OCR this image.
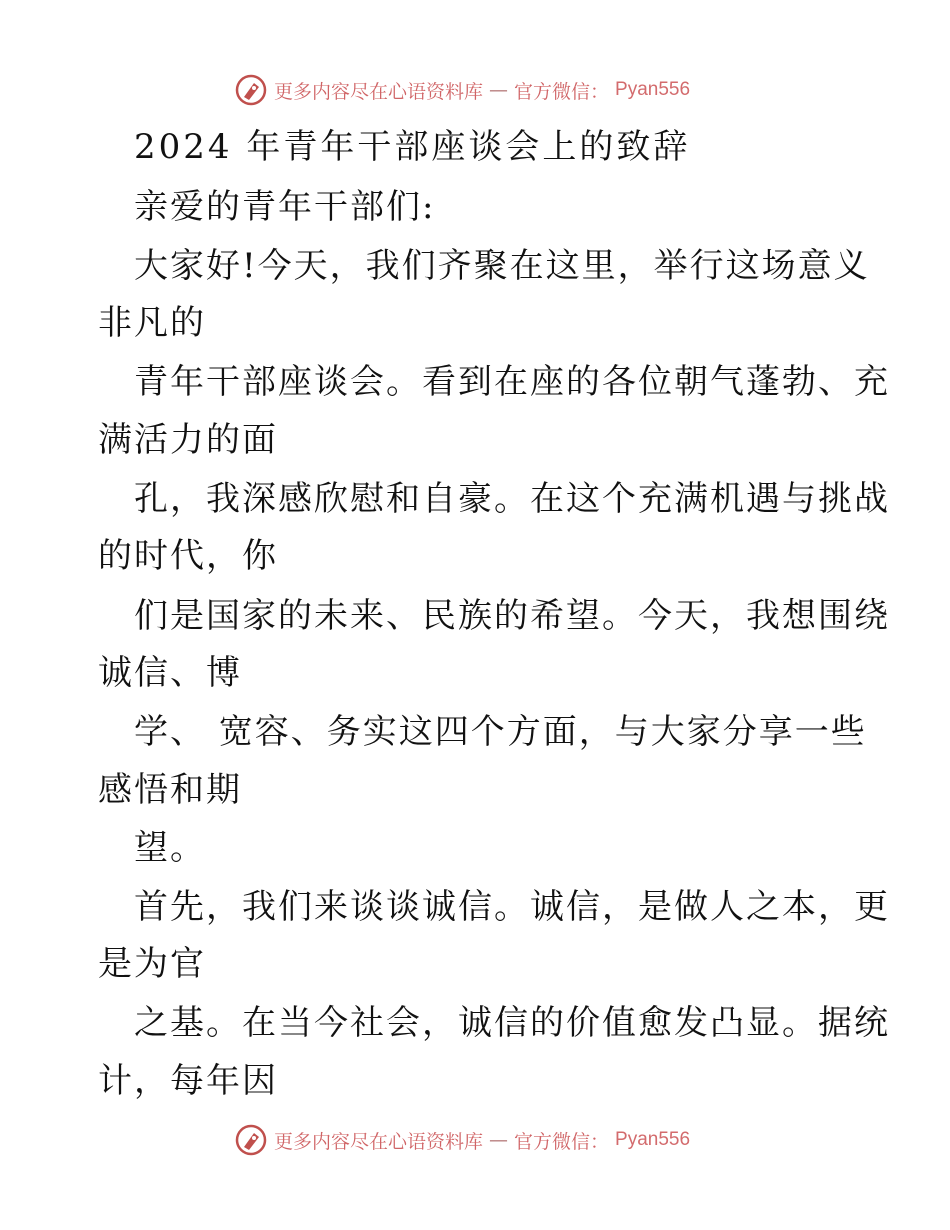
更多内容尽在心语资料库 — 官方微信： Pyan556
2024 年青年干部座谈会上的致辞
亲爱的青年干部们:
大家好!今天，我们齐聚在这里，举行这场意义
非凡的
青年干部座谈会。看到在座的各位朝气蓬勃、充
满活力的面
孔，我深感欣慰和自豪。在这个充满机遇与挑战
的时代，你
们是国家的未来、民族的希望。今天，我想围绕
诚信、博
学、 宽容、务实这四个方面，与大家分享一些
感悟和期
望。
首先，我们来谈谈诚信。诚信，是做人之本，更
是为官
之基。在当今社会，诚信的价值愈发凸显。据统
计，每年因
更多内容尽在心语资料库 — 官方微信： Pyan556
